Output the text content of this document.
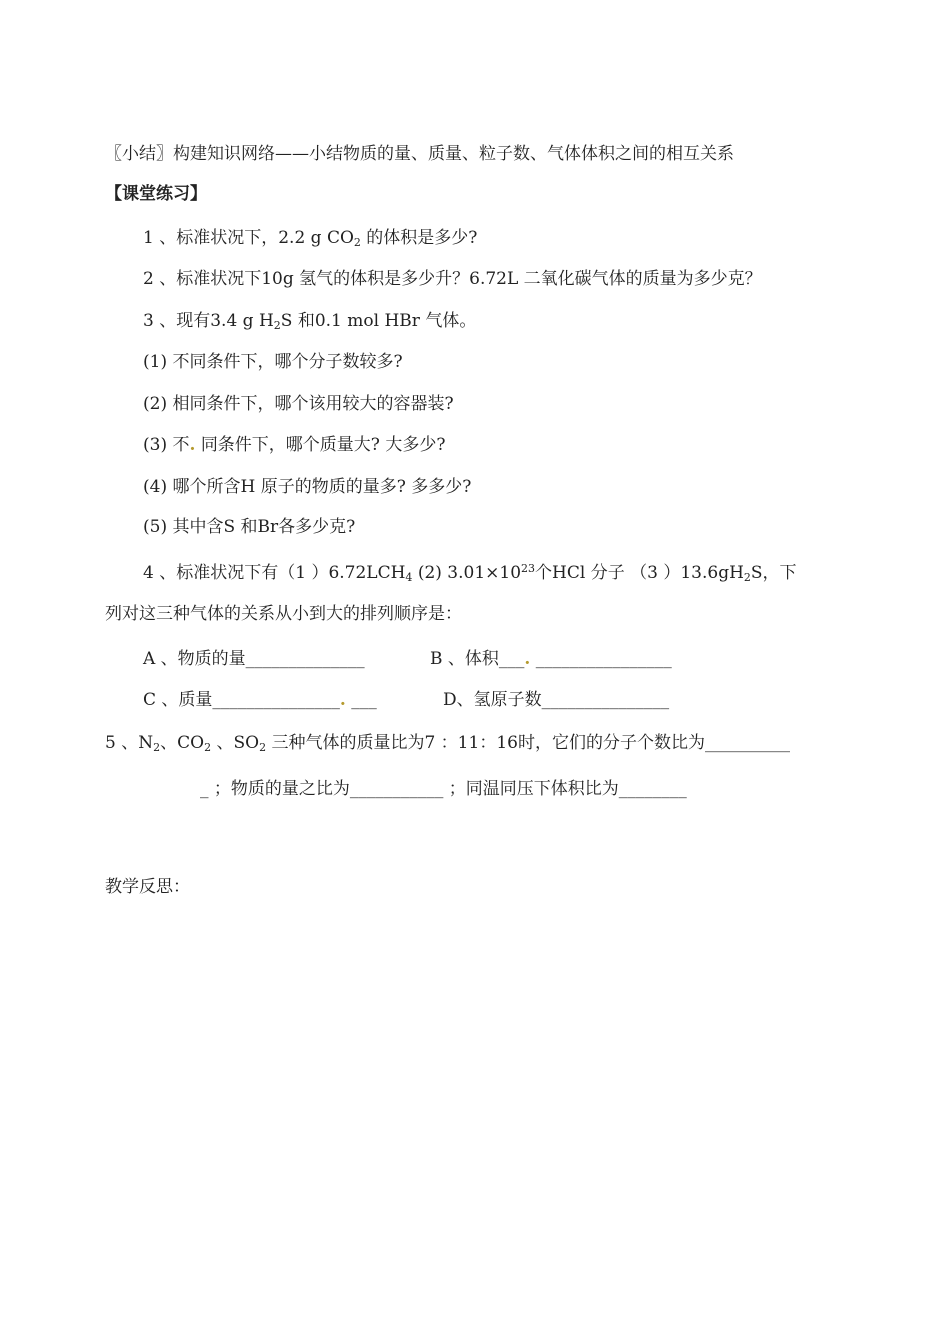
〖小结〗构建知识网络——小结物质的量、质量、粒子数、气体体积之间的相互关系
【课堂练习】
1 、标准状况下，2.2 g $CO_2$ 的体积是多少?
2 、标准状况下10g 氢气的体积是多少升？6.72L 二氧化碳气体的质量为多少克？
3 、现有3.4 g $H_2S$ 和0.1 mol HBr 气体。
(1) 不同条件下，哪个分子数较多?
(2) 相同条件下，哪个该用较大的容器装?
(3) 不. 同条件下，哪个质量大? 大多少?
(4) 哪个所含H 原子的物质的量多? 多多少?
(5) 其中含S 和Br各多少克?
4 、标准状况下有（1 ）$6.72LCH_4$ (2) $3.01\times 10^{23}$个HCl 分子 （3 ）$13.6gH_2S$，下
列对这三种气体的关系从小到大的排列顺序是：
A 、物质的量______________	B 、体积___. ________________
C 、质量_______________. ___	D、氢原子数_______________
5 、$N_2$、$CO_2$ 、$SO_2$ 三种气体的质量比为7 ：11：16时，它们的分子个数比为__________
_ ；物质的量之比为___________ ；同温同压下体积比为________
教学反思：
